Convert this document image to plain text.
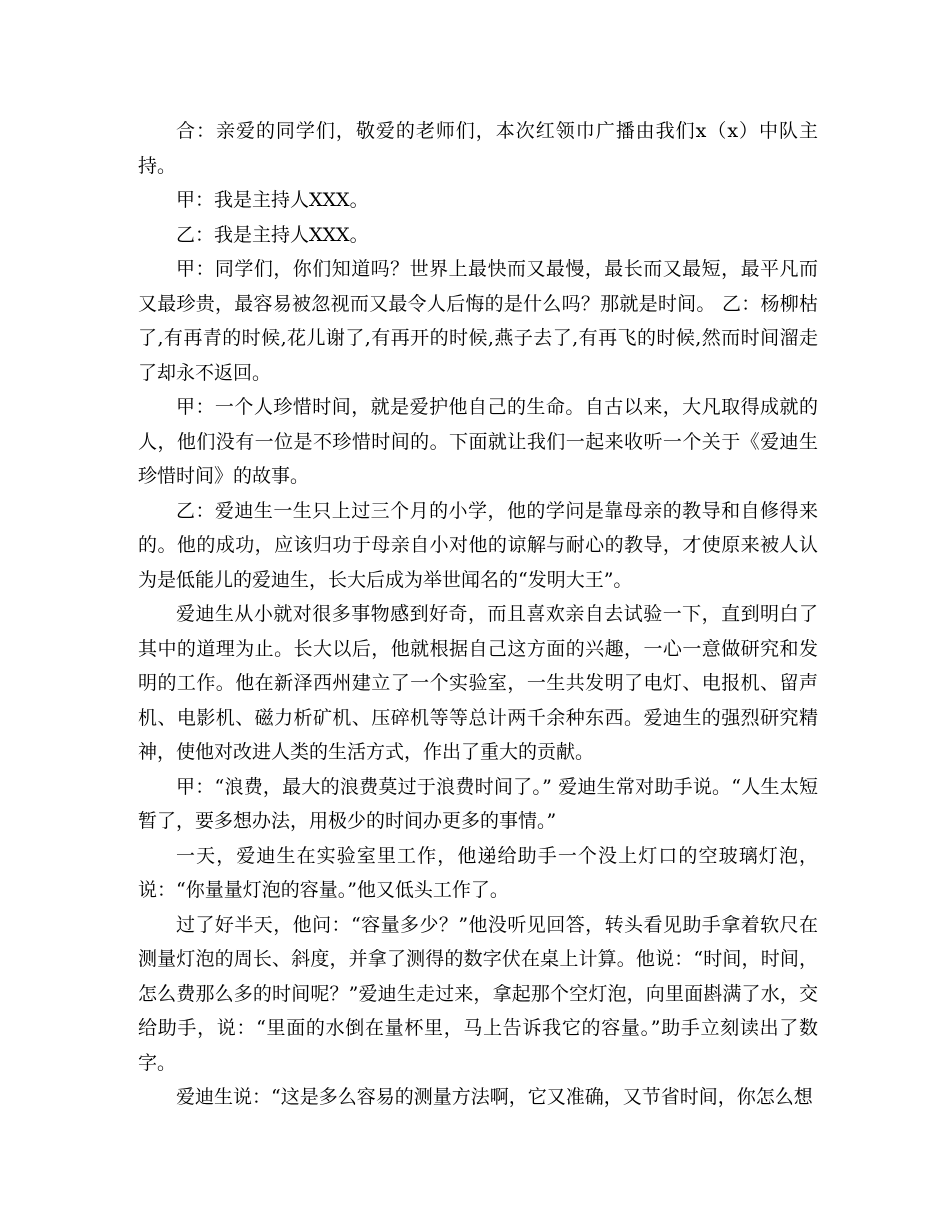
合：亲爱的同学们，敬爱的老师们，本次红领巾广播由我们x（x）中队主持。

甲：我是主持人XXX。

乙：我是主持人XXX。

甲：同学们，你们知道吗？世界上最快而又最慢，最长而又最短，最平凡而又最珍贵，最容易被忽视而又最令人后悔的是什么吗？那就是时间。 乙：杨柳枯了,有再青的时候,花儿谢了,有再开的时候,燕子去了,有再飞的时候,然而时间溜走了却永不返回。

甲：一个人珍惜时间，就是爱护他自己的生命。自古以来，大凡取得成就的人，他们没有一位是不珍惜时间的。下面就让我们一起来收听一个关于《爱迪生珍惜时间》的故事。

乙：爱迪生一生只上过三个月的小学，他的学问是靠母亲的教导和自修得来的。他的成功，应该归功于母亲自小对他的谅解与耐心的教导，才使原来被人认为是低能儿的爱迪生，长大后成为举世闻名的“发明大王”。

爱迪生从小就对很多事物感到好奇，而且喜欢亲自去试验一下，直到明白了其中的道理为止。长大以后，他就根据自己这方面的兴趣，一心一意做研究和发明的工作。他在新泽西州建立了一个实验室，一生共发明了电灯、电报机、留声机、电影机、磁力析矿机、压碎机等等总计两千余种东西。爱迪生的强烈研究精神，使他对改进人类的生活方式，作出了重大的贡献。

甲：“浪费，最大的浪费莫过于浪费时间了。” 爱迪生常对助手说。“人生太短暂了，要多想办法，用极少的时间办更多的事情。”

一天，爱迪生在实验室里工作，他递给助手一个没上灯口的空玻璃灯泡，说：“你量量灯泡的容量。”他又低头工作了。

过了好半天，他问：“容量多少？”他没听见回答，转头看见助手拿着软尺在测量灯泡的周长、斜度，并拿了测得的数字伏在桌上计算。他说：“时间，时间，怎么费那么多的时间呢？”爱迪生走过来，拿起那个空灯泡，向里面斟满了水，交给助手，说：“里面的水倒在量杯里，马上告诉我它的容量。”助手立刻读出了数字。

爱迪生说：“这是多么容易的测量方法啊，它又准确，又节省时间，你怎么想
